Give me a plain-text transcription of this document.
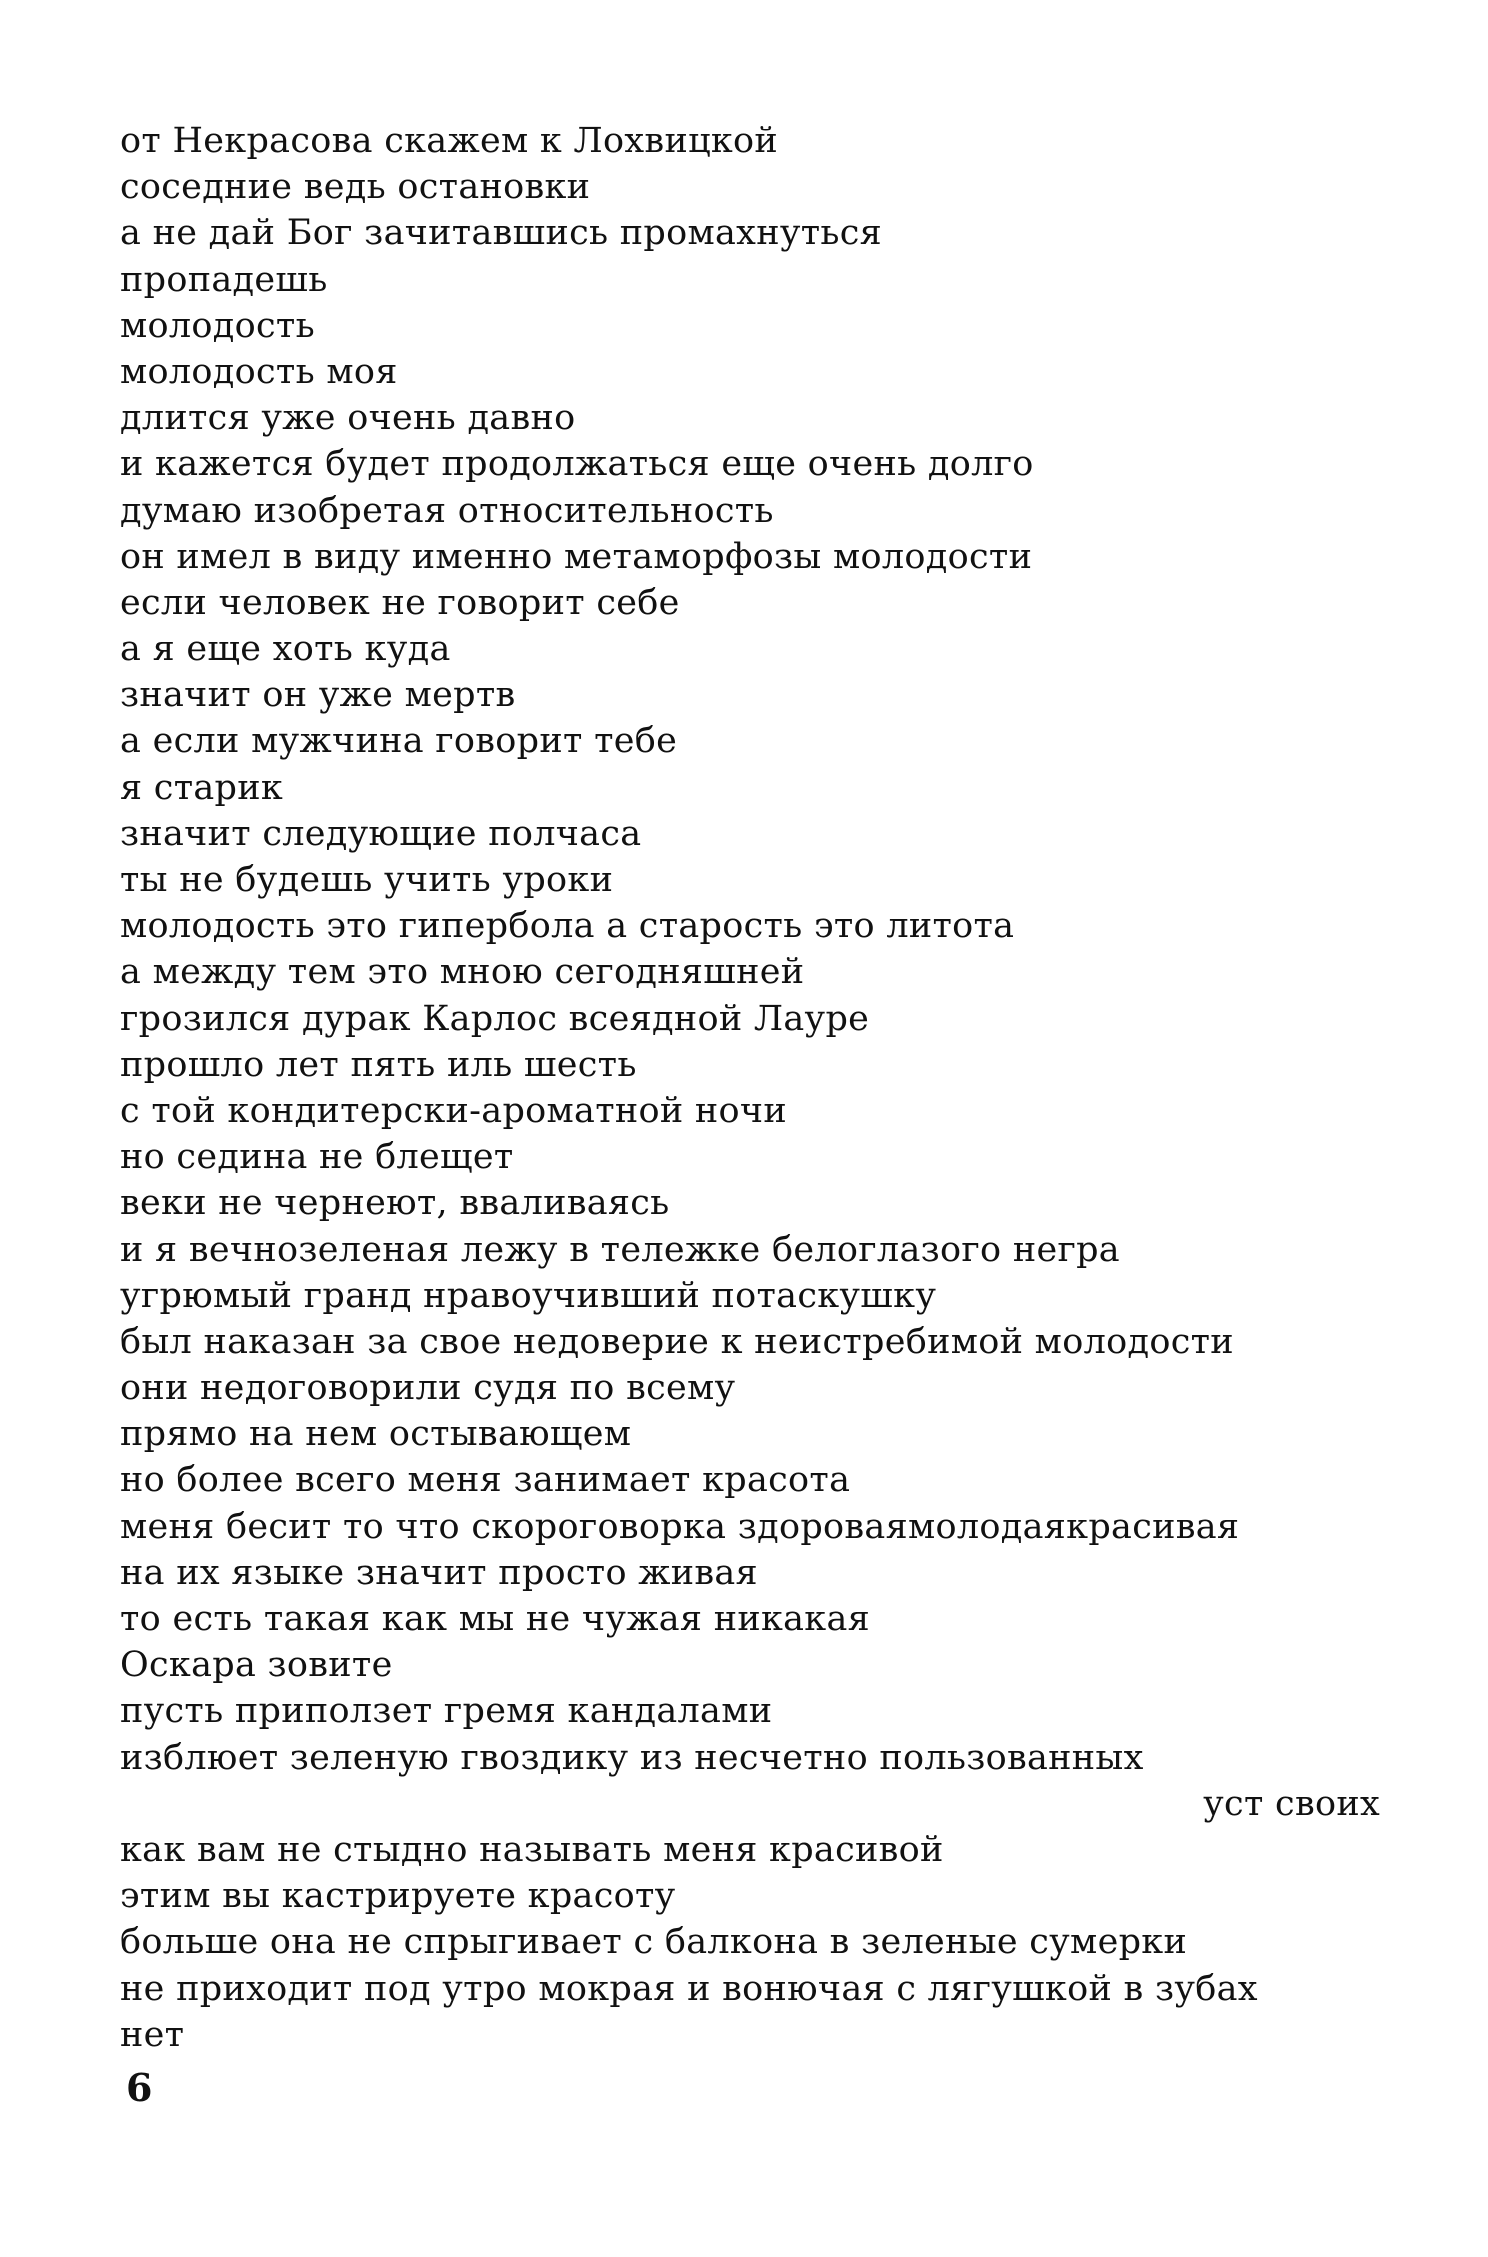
от Некрасова скажем к Лохвицкой
соседние ведь остановки
а не дай Бог зачитавшись промахнуться
пропадешь
молодость
молодость моя
длится уже очень давно
и кажется будет продолжаться еще очень долго
думаю изобретая относительность
он имел в виду именно метаморфозы молодости
если человек не говорит себе
а я еще хоть куда
значит он уже мертв
а если мужчина говорит тебе
я старик
значит следующие полчаса
ты не будешь учить уроки
молодость это гипербола а старость это литота
а между тем это мною сегодняшней
грозился дурак Карлос всеядной Лауре
прошло лет пять иль шесть
с той кондитерски-ароматной ночи
но седина не блещет
веки не чернеют, вваливаясь
и я вечнозеленая лежу в тележке белоглазого негра
угрюмый гранд нравоучивший потаскушку
был наказан за свое недоверие к неистребимой молодости
они недоговорили судя по всему
прямо на нем остывающем
но более всего меня занимает красота
меня бесит то что скороговорка здороваямолодаякрасивая
на их языке значит просто живая
то есть такая как мы не чужая никакая
Оскара зовите
пусть приползет гремя кандалами
изблюет зеленую гвоздику из несчетно пользованных
уст своих
как вам не стыдно называть меня красивой
этим вы кастрируете красоту
больше она не спрыгивает с балкона в зеленые сумерки
не приходит под утро мокрая и вонючая с лягушкой в зубах
нет
6
